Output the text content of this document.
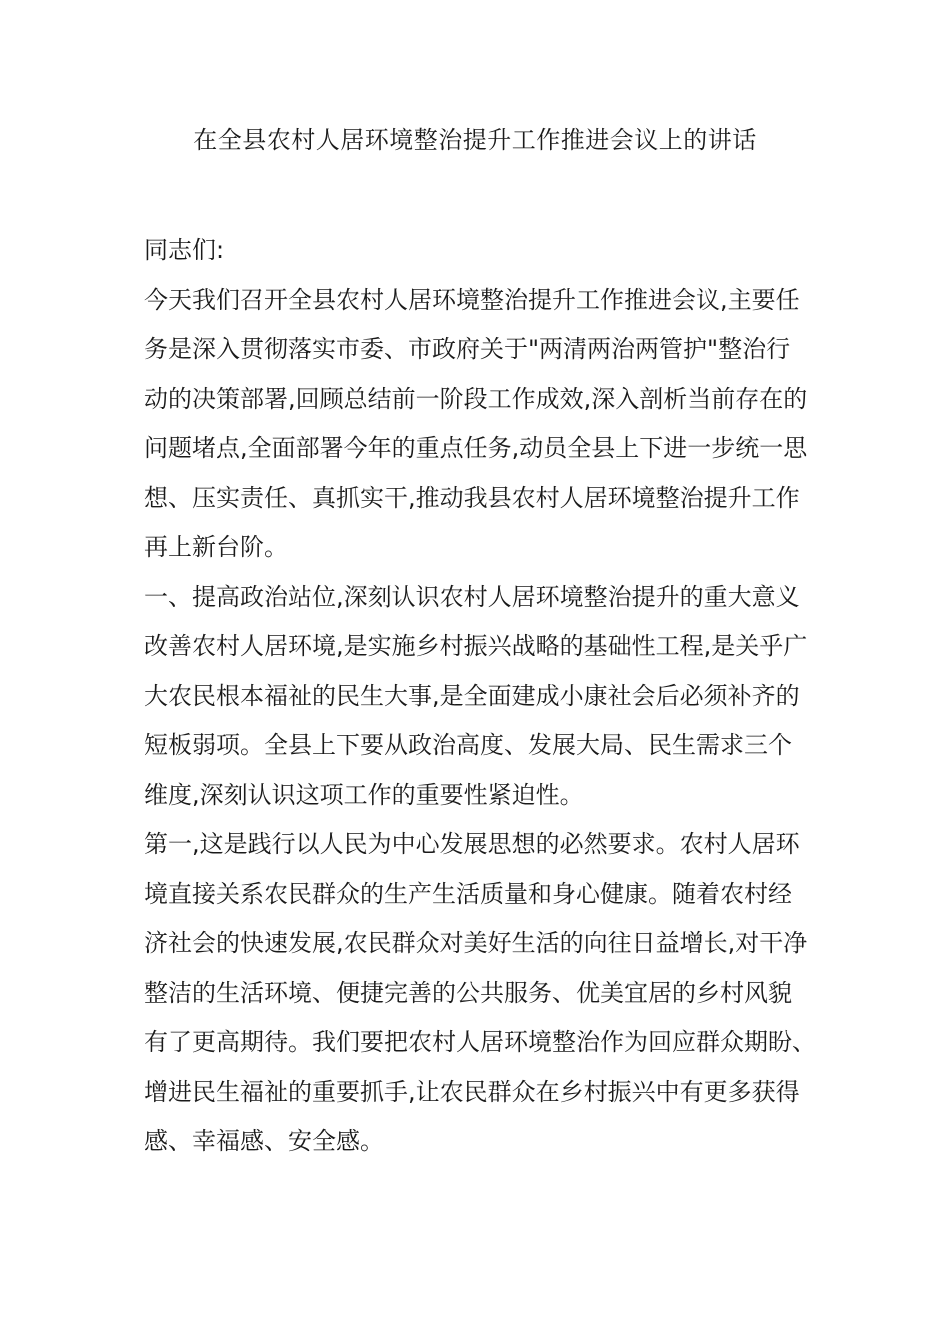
在全县农村人居环境整治提升工作推进会议上的讲话
同志们:
今天我们召开全县农村人居环境整治提升工作推进会议,主要任
务是深入贯彻落实市委、市政府关于"两清两治两管护"整治行
动的决策部署,回顾总结前一阶段工作成效,深入剖析当前存在的
问题堵点,全面部署今年的重点任务,动员全县上下进一步统一思
想、压实责任、真抓实干,推动我县农村人居环境整治提升工作
再上新台阶。
一、提高政治站位,深刻认识农村人居环境整治提升的重大意义
改善农村人居环境,是实施乡村振兴战略的基础性工程,是关乎广
大农民根本福祉的民生大事,是全面建成小康社会后必须补齐的
短板弱项。全县上下要从政治高度、发展大局、民生需求三个
维度,深刻认识这项工作的重要性紧迫性。
第一,这是践行以人民为中心发展思想的必然要求。农村人居环
境直接关系农民群众的生产生活质量和身心健康。随着农村经
济社会的快速发展,农民群众对美好生活的向往日益增长,对干净
整洁的生活环境、便捷完善的公共服务、优美宜居的乡村风貌
有了更高期待。我们要把农村人居环境整治作为回应群众期盼、
增进民生福祉的重要抓手,让农民群众在乡村振兴中有更多获得
感、幸福感、安全感。
